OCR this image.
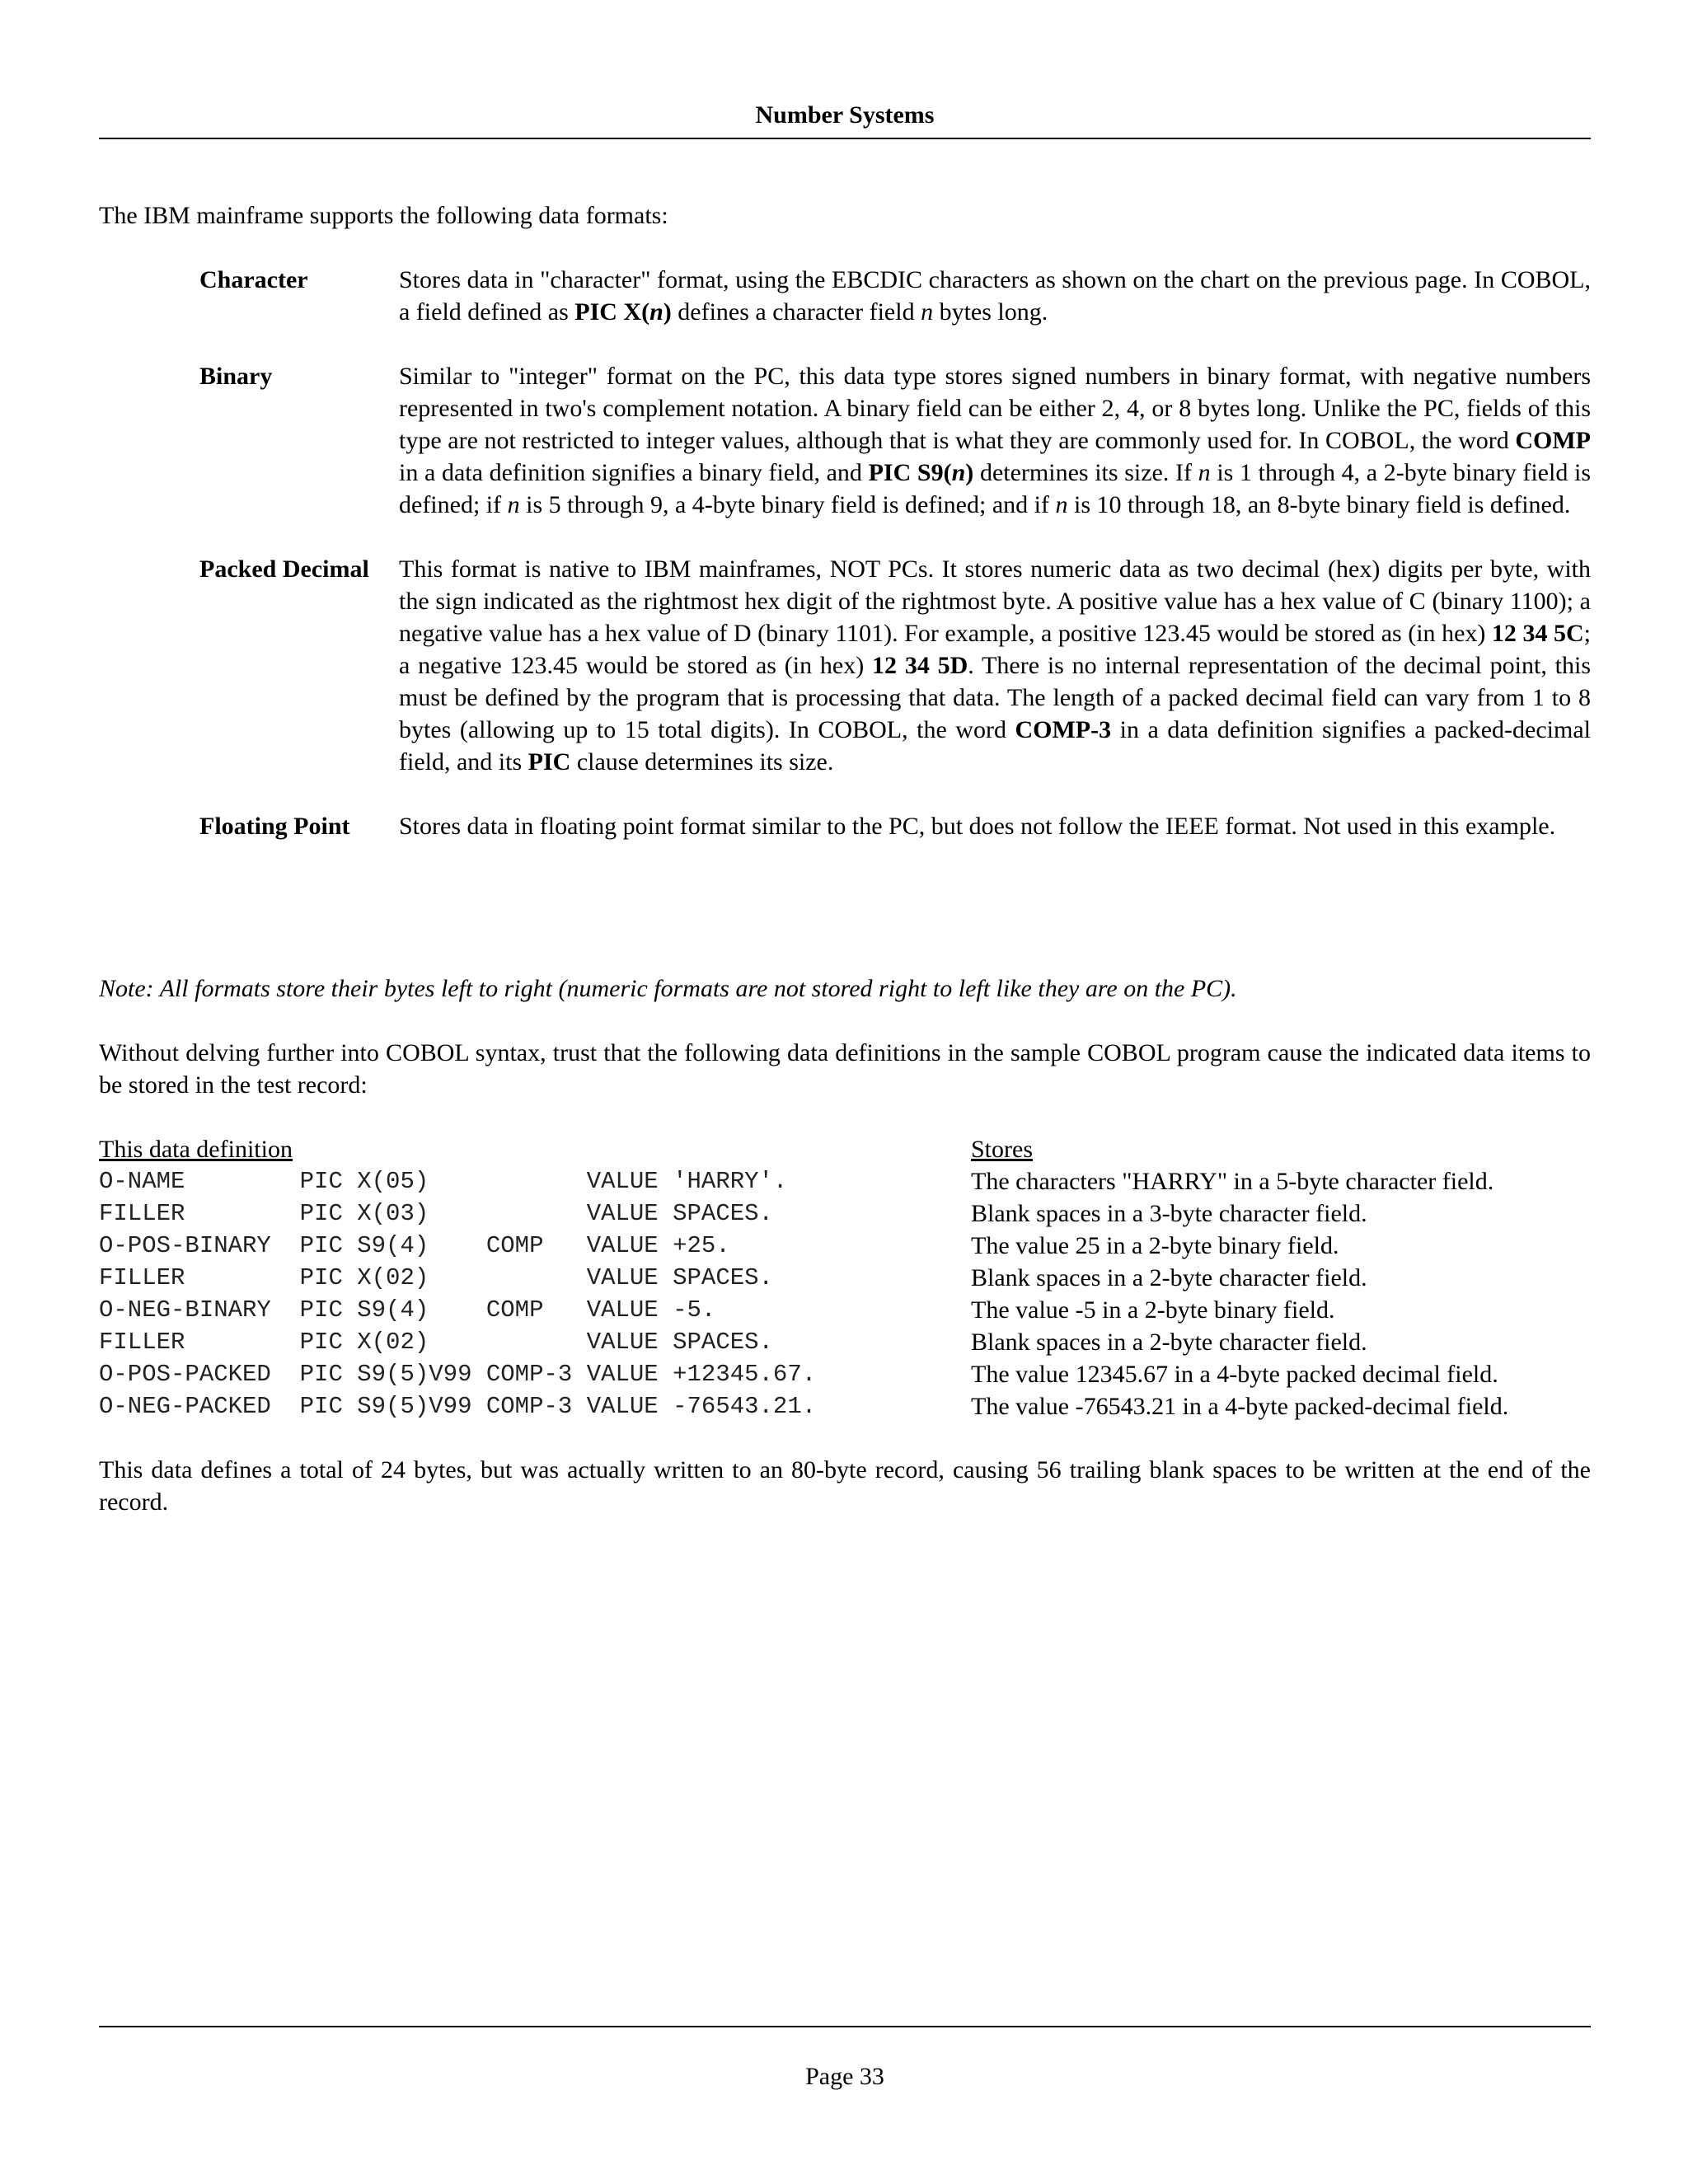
Number Systems
The IBM mainframe supports the following data formats:
Character	Stores data in "character" format, using the EBCDIC characters as shown on the chart on the previous page. In COBOL, a field defined as PIC X(n) defines a character field n bytes long.
Binary	Similar to "integer" format on the PC, this data type stores signed numbers in binary format, with negative numbers represented in two's complement notation. A binary field can be either 2, 4, or 8 bytes long. Unlike the PC, fields of this type are not restricted to integer values, although that is what they are commonly used for. In COBOL, the word COMP in a data definition signifies a binary field, and PIC S9(n) determines its size. If n is 1 through 4, a 2-byte binary field is defined; if n is 5 through 9, a 4-byte binary field is defined; and if n is 10 through 18, an 8-byte binary field is defined.
Packed Decimal	This format is native to IBM mainframes, NOT PCs. It stores numeric data as two decimal (hex) digits per byte, with the sign indicated as the rightmost hex digit of the rightmost byte. A positive value has a hex value of C (binary 1100); a negative value has a hex value of D (binary 1101). For example, a positive 123.45 would be stored as (in hex) 12 34 5C; a negative 123.45 would be stored as (in hex) 12 34 5D. There is no internal representation of the decimal point, this must be defined by the program that is processing that data. The length of a packed decimal field can vary from 1 to 8 bytes (allowing up to 15 total digits). In COBOL, the word COMP-3 in a data definition signifies a packed-decimal field, and its PIC clause determines its size.
Floating Point	Stores data in floating point format similar to the PC, but does not follow the IEEE format. Not used in this example.
Note: All formats store their bytes left to right (numeric formats are not stored right to left like they are on the PC).
Without delving further into COBOL syntax, trust that the following data definitions in the sample COBOL program cause the indicated data items to be stored in the test record:
This data definition	Stores
O-NAME        PIC X(05)           VALUE 'HARRY'.	The characters "HARRY" in a 5-byte character field.
FILLER        PIC X(03)           VALUE SPACES.	Blank spaces in a 3-byte character field.
O-POS-BINARY  PIC S9(4)    COMP   VALUE +25.	The value 25 in a 2-byte binary field.
FILLER        PIC X(02)           VALUE SPACES.	Blank spaces in a 2-byte character field.
O-NEG-BINARY  PIC S9(4)    COMP   VALUE -5.	The value -5 in a 2-byte binary field.
FILLER        PIC X(02)           VALUE SPACES.	Blank spaces in a 2-byte character field.
O-POS-PACKED  PIC S9(5)V99 COMP-3 VALUE +12345.67.	The value 12345.67 in a 4-byte packed decimal field.
O-NEG-PACKED  PIC S9(5)V99 COMP-3 VALUE -76543.21.	The value -76543.21 in a 4-byte packed-decimal field.
This data defines a total of 24 bytes, but was actually written to an 80-byte record, causing 56 trailing blank spaces to be written at the end of the record.
Page 33
